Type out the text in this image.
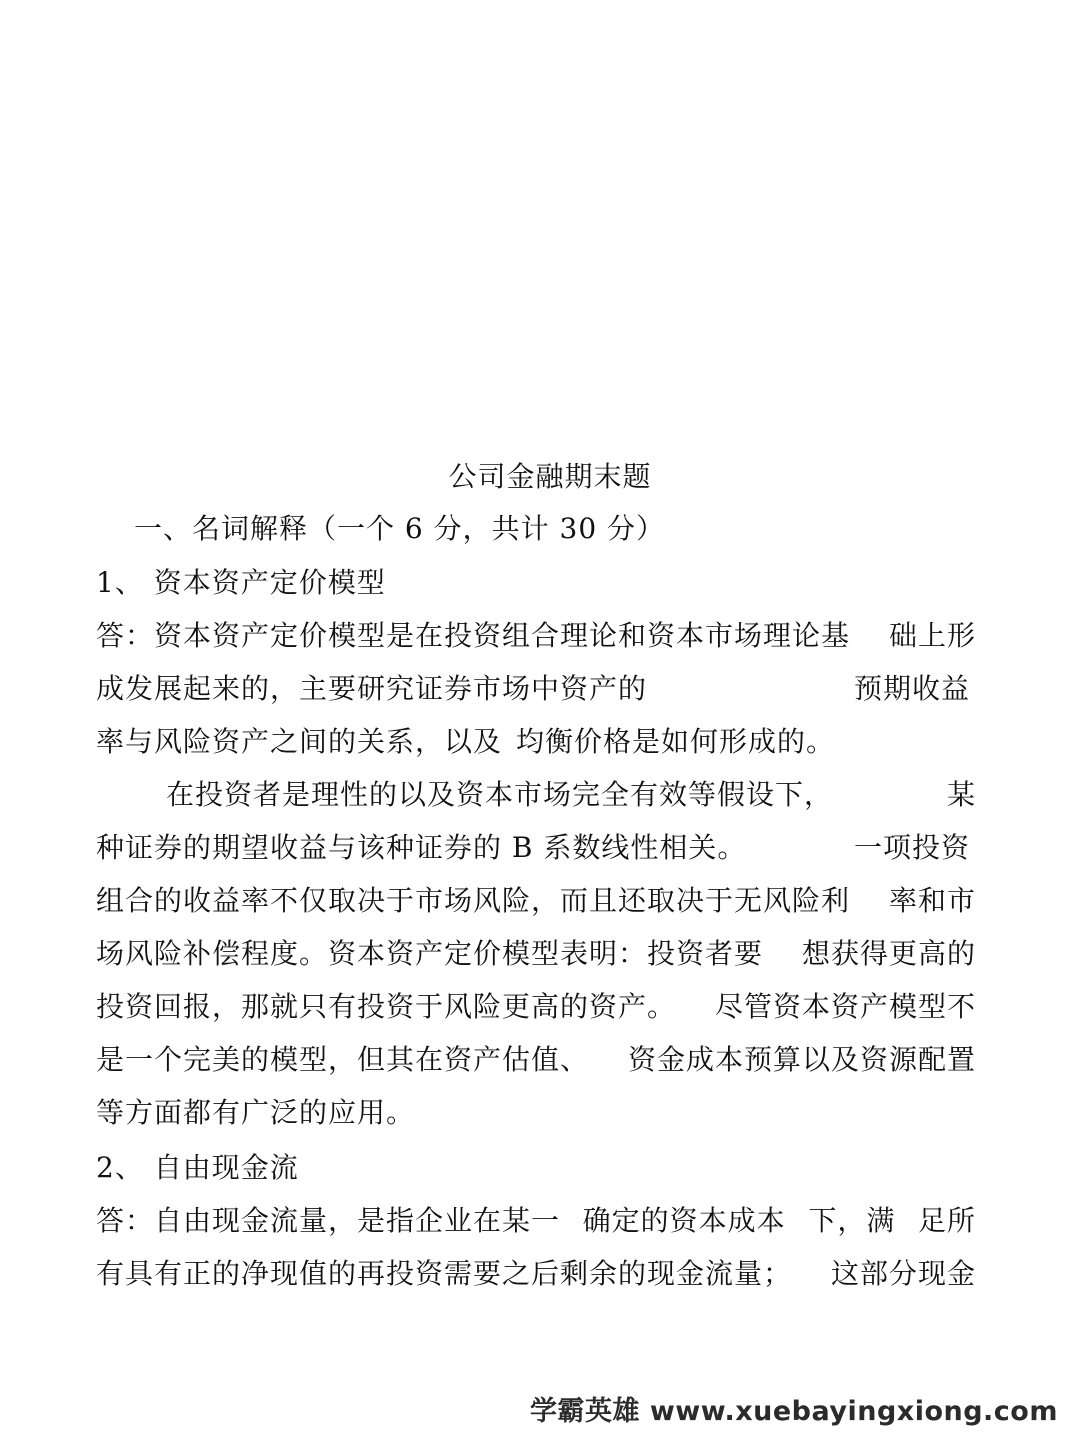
公司金融期末题
一、名词解释（一个 6 分，共计 30 分）
1、 资本资产定价模型
答：资本资产定价模型是在投资组合理论和资本市场理论基 础上形
成发展起来的，主要研究证券市场中资产的	预期收益
率与风险资产之间的关系，以及 均衡价格是如何形成的。
在投资者是理性的以及资本市场完全有效等假设下，	某
种证券的期望收益与该种证券的 B 系数线性相关。	一项投资
组合的收益率不仅取决于市场风险，而且还取决于无风险利 率和市
场风险补偿程度。资本资产定价模型表明：投资者要 想获得更高的
投资回报，那就只有投资于风险更高的资产。 尽管资本资产模型不
是一个完美的模型，但其在资产估值、 资金成本预算以及资源配置
等方面都有广泛的应用。
2、 自由现金流
答：自由现金流量，是指企业在某一 确定的资本成本 下，满 足所
有具有正的净现值的再投资需要之后剩余的现金流量； 这部分现金
学霸英雄 www.xuebayingxiong.com
